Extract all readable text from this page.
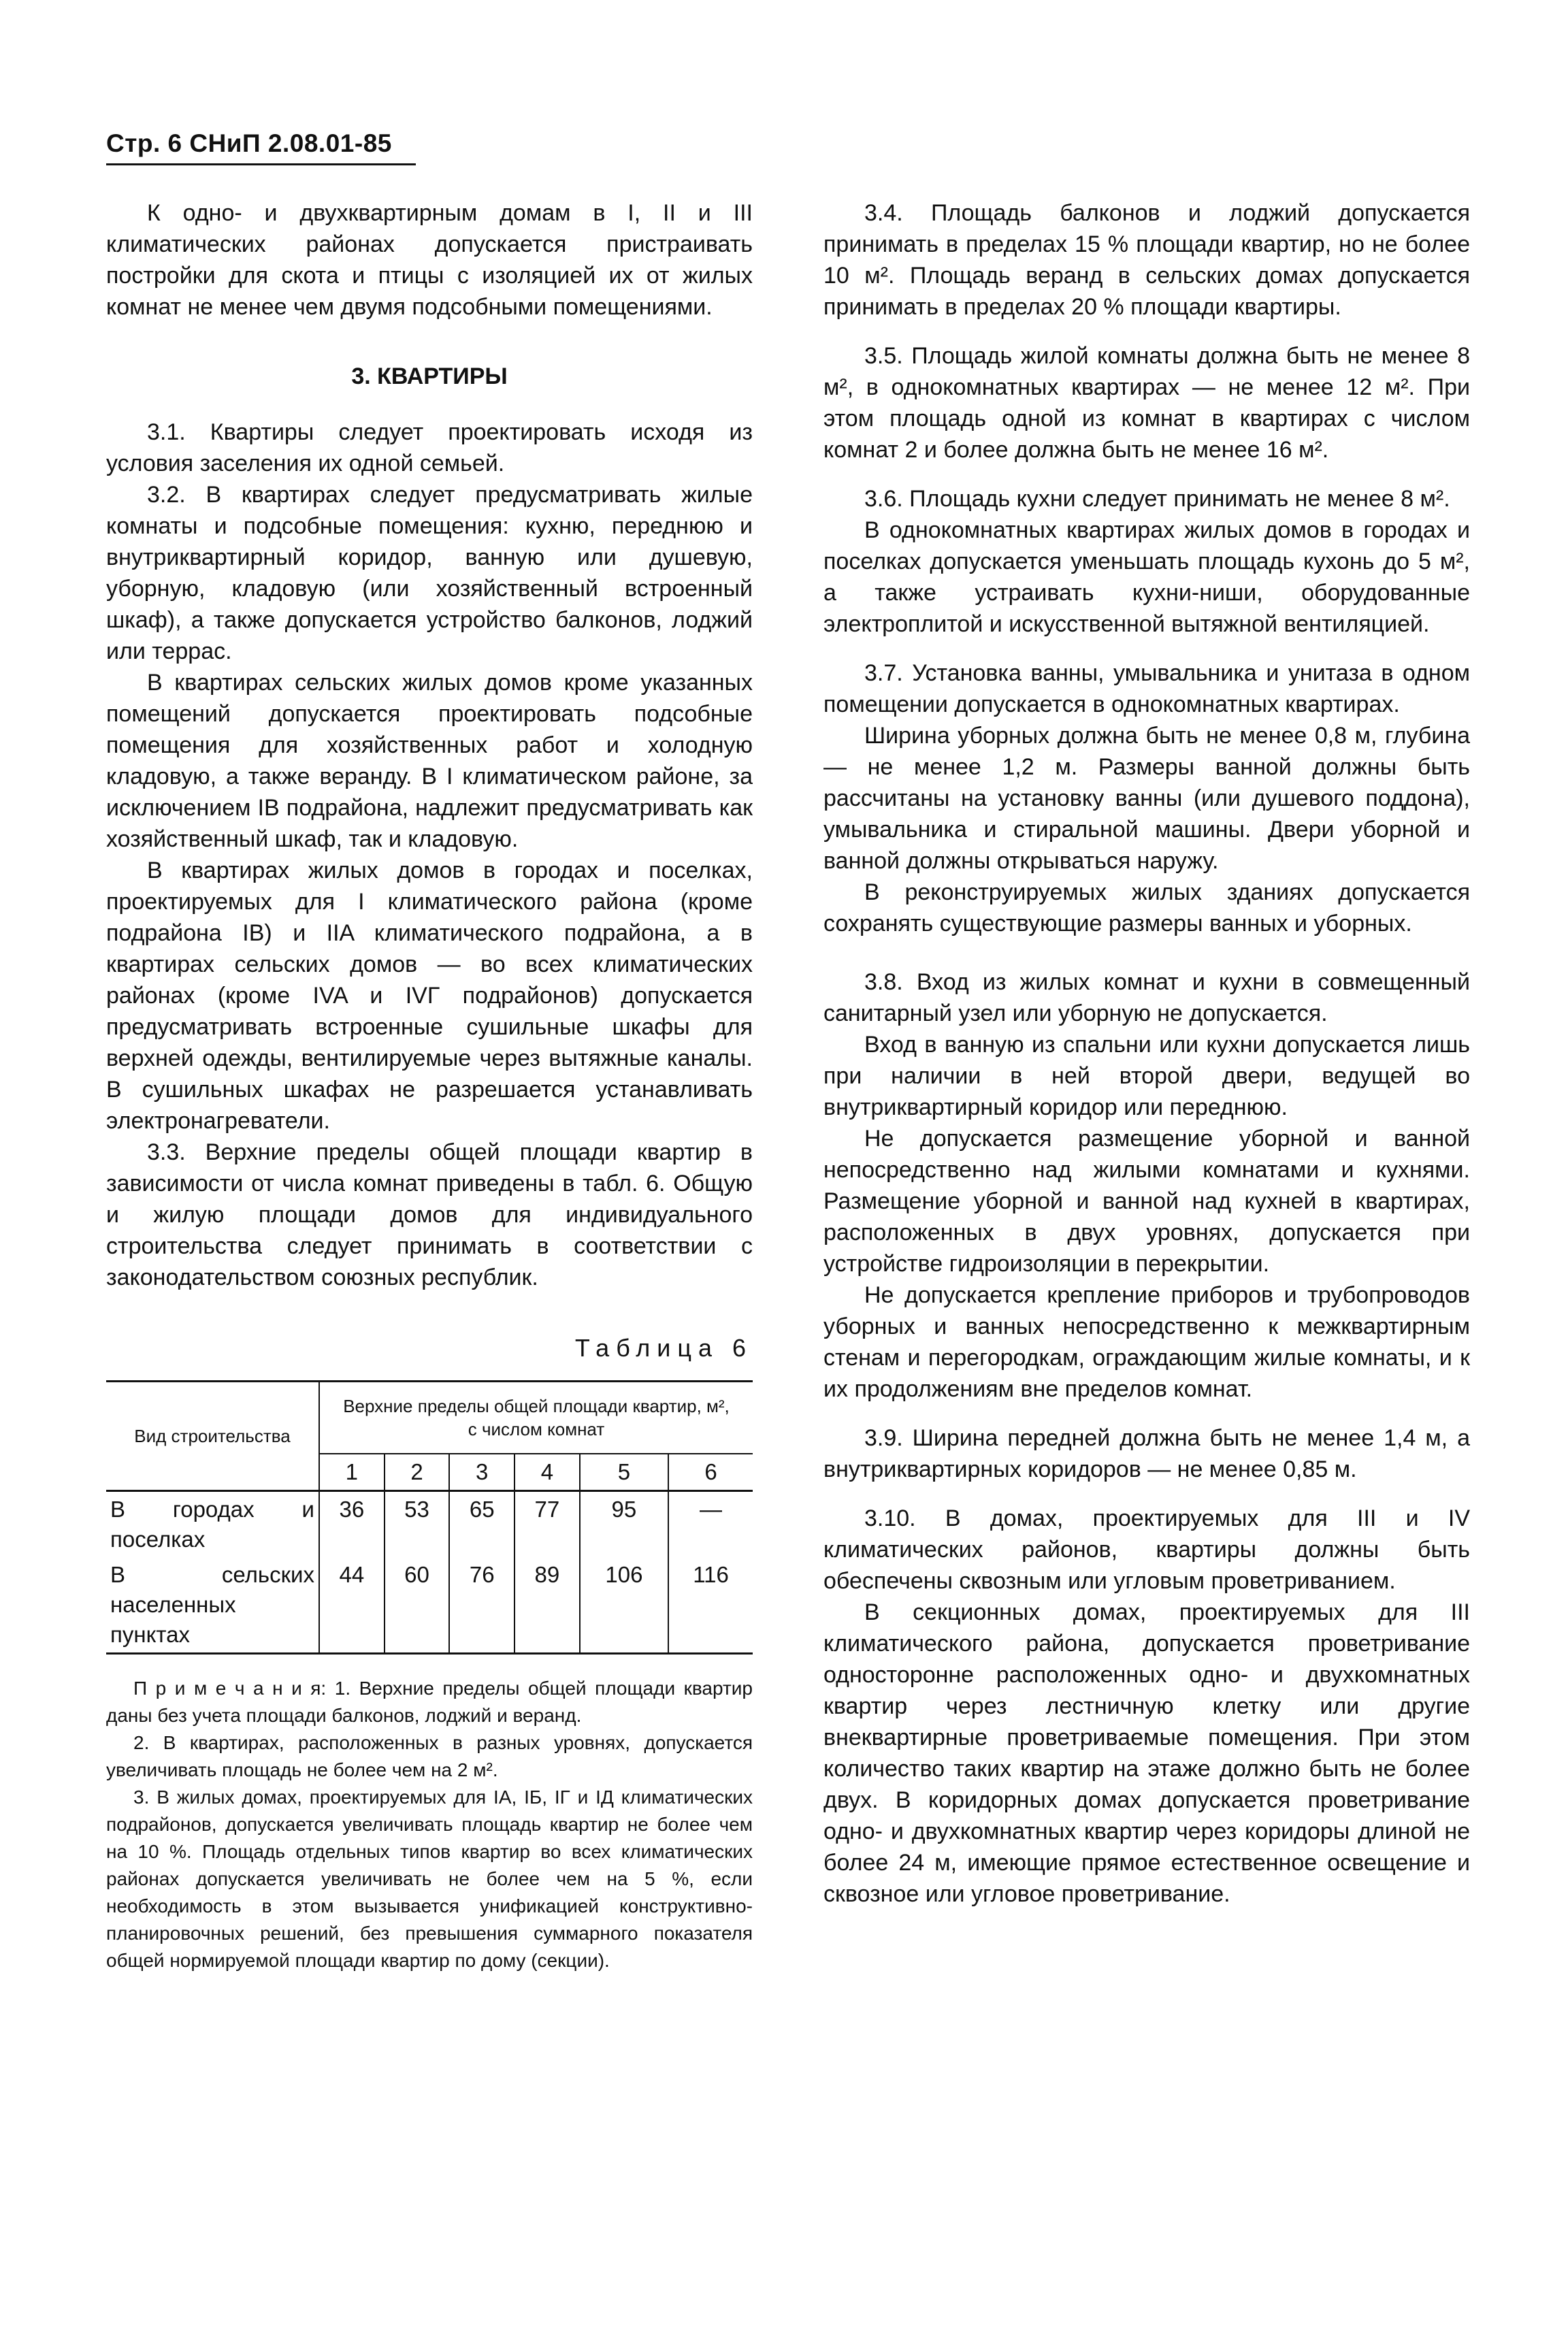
Стр. 6 СНиП 2.08.01-85

К одно- и двухквартирным домам в I, II и III климатических районах допускается пристраивать постройки для скота и птицы с изоляцией их от жилых комнат не менее чем двумя подсобными помещениями.

3. КВАРТИРЫ

3.1. Квартиры следует проектировать исходя из условия заселения их одной семьей.

3.2. В квартирах следует предусматривать жилые комнаты и подсобные помещения: кухню, переднюю и внутриквартирный коридор, ванную или душевую, уборную, кладовую (или хозяйственный встроенный шкаф), а также допускается устройство балконов, лоджий или террас.

В квартирах сельских жилых домов кроме указанных помещений допускается проектировать подсобные помещения для хозяйственных работ и холодную кладовую, а также веранду. В I климатическом районе, за исключением IB подрайона, надлежит предусматривать как хозяйственный шкаф, так и кладовую.

В квартирах жилых домов в городах и поселках, проектируемых для I климатического района (кроме подрайона IB) и IIA климатического подрайона, а в квартирах сельских домов — во всех климатических районах (кроме IVA и IVГ подрайонов) допускается предусматривать встроенные сушильные шкафы для верхней одежды, вентилируемые через вытяжные каналы. В сушильных шкафах не разрешается устанавливать электронагреватели.

3.3. Верхние пределы общей площади квартир в зависимости от числа комнат приведены в табл. 6. Общую и жилую площади домов для индивидуального строительства следует принимать в соответствии с законодательством союзных республик.

Таблица 6
Вид строительства	Верхние пределы общей площади квартир, м², с числом комнат					
	1	2	3	4	5	6
В городах и поселках	36	53	65	77	95	—
В сельских населенных пунктах	44	60	76	89	106	116

П р и м е ч а н и я: 1. Верхние пределы общей площади квартир даны без учета площади балконов, лоджий и веранд.

2. В квартирах, расположенных в разных уровнях, допускается увеличивать площадь не более чем на 2 м².

3. В жилых домах, проектируемых для IA, IБ, IГ и IД климатических подрайонов, допускается увеличивать площадь квартир не более чем на 10 %. Площадь отдельных типов квартир во всех климатических районах допускается увеличивать не более чем на 5 %, если необходимость в этом вызывается унификацией конструктивно-планировочных решений, без превышения суммарного показателя общей нормируемой площади квартир по дому (секции).

3.4. Площадь балконов и лоджий допускается принимать в пределах 15 % площади квартир, но не более 10 м². Площадь веранд в сельских домах допускается принимать в пределах 20 % площади квартиры.

3.5. Площадь жилой комнаты должна быть не менее 8 м², в однокомнатных квартирах — не менее 12 м². При этом площадь одной из комнат в квартирах с числом комнат 2 и более должна быть не менее 16 м².

3.6. Площадь кухни следует принимать не менее 8 м².

В однокомнатных квартирах жилых домов в городах и поселках допускается уменьшать площадь кухонь до 5 м², а также устраивать кухни-ниши, оборудованные электроплитой и искусственной вытяжной вентиляцией.

3.7. Установка ванны, умывальника и унитаза в одном помещении допускается в однокомнатных квартирах.

Ширина уборных должна быть не менее 0,8 м, глубина — не менее 1,2 м. Размеры ванной должны быть рассчитаны на установку ванны (или душевого поддона), умывальника и стиральной машины. Двери уборной и ванной должны открываться наружу.

В реконструируемых жилых зданиях допускается сохранять существующие размеры ванных и уборных.

3.8. Вход из жилых комнат и кухни в совмещенный санитарный узел или уборную не допускается.

Вход в ванную из спальни или кухни допускается лишь при наличии в ней второй двери, ведущей во внутриквартирный коридор или переднюю.

Не допускается размещение уборной и ванной непосредственно над жилыми комнатами и кухнями. Размещение уборной и ванной над кухней в квартирах, расположенных в двух уровнях, допускается при устройстве гидроизоляции в перекрытии.

Не допускается крепление приборов и трубопроводов уборных и ванных непосредственно к межквартирным стенам и перегородкам, ограждающим жилые комнаты, и к их продолжениям вне пределов комнат.

3.9. Ширина передней должна быть не менее 1,4 м, а внутриквартирных коридоров — не менее 0,85 м.

3.10. В домах, проектируемых для III и IV климатических районов, квартиры должны быть обеспечены сквозным или угловым проветриванием.

В секционных домах, проектируемых для III климатического района, допускается проветривание односторонне расположенных одно- и двухкомнатных квартир через лестничную клетку или другие внеквартирные проветриваемые помещения. При этом количество таких квартир на этаже должно быть не более двух. В коридорных домах допускается проветривание одно- и двухкомнатных квартир через коридоры длиной не более 24 м, имеющие прямое естественное освещение и сквозное или угловое проветривание.
